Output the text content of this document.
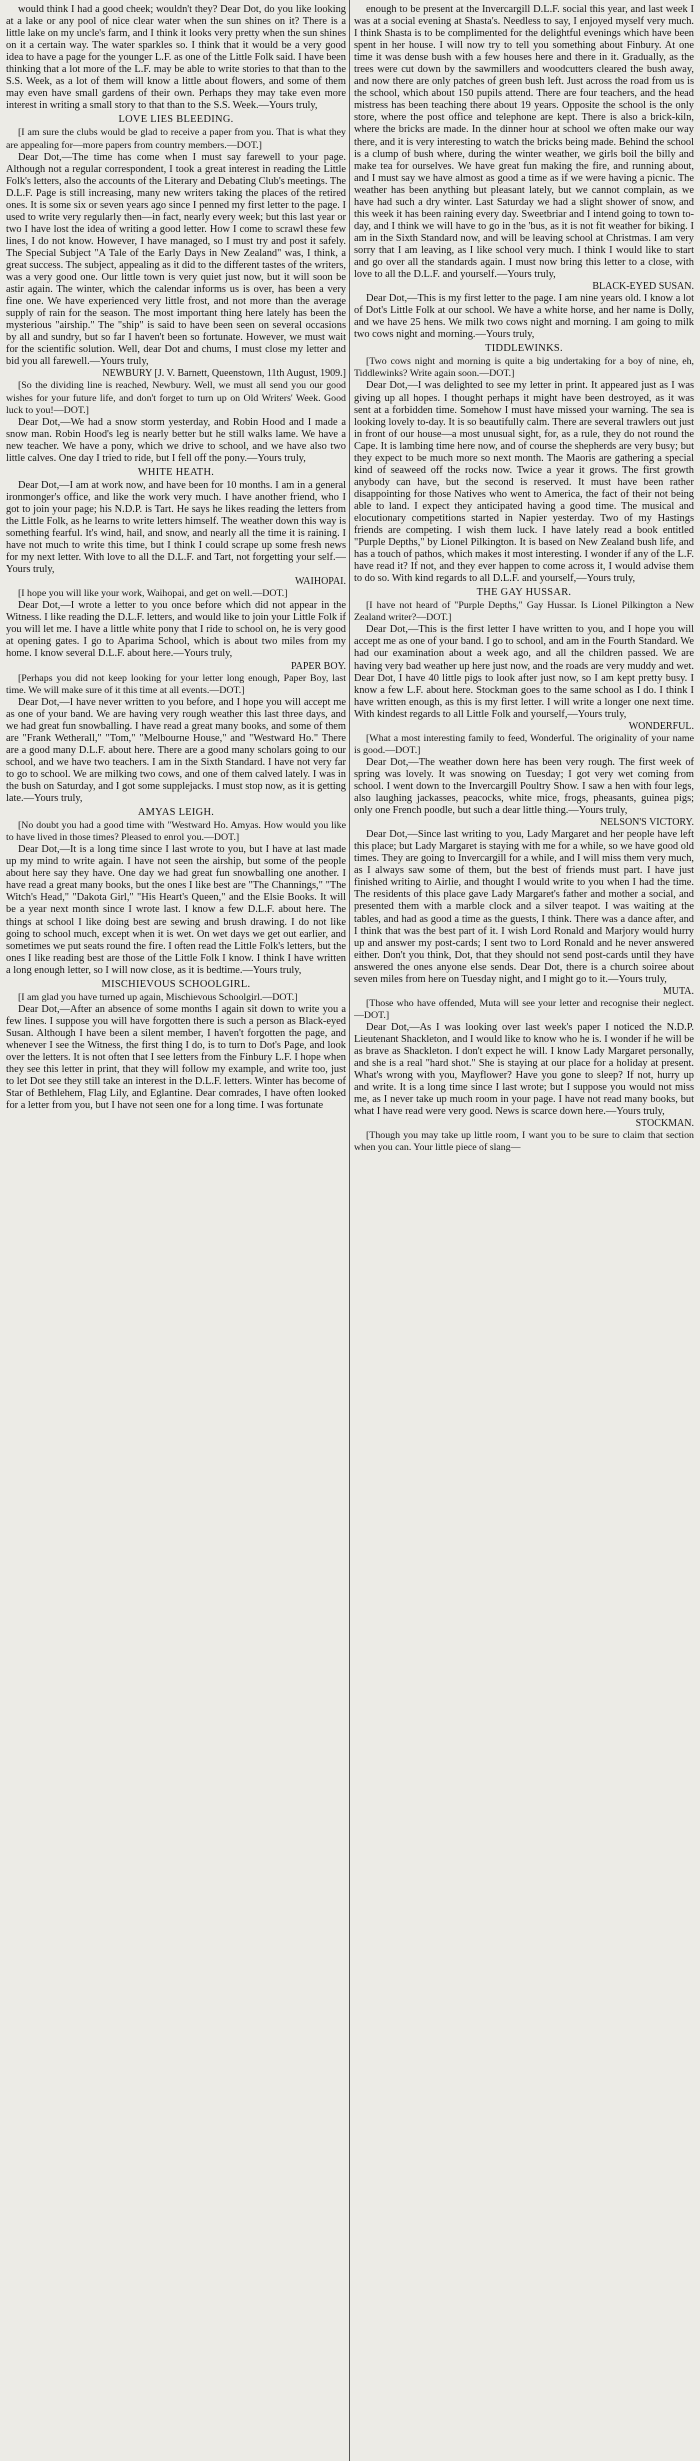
would think I had a good cheek; wouldn't they? Dear Dot, do you like looking at a lake or any pool of nice clear water when the sun shines on it? There is a little lake on my uncle's farm, and I think it looks very pretty when the sun shines on it a certain way. The water sparkles so. I think that it would be a very good idea to have a page for the younger L.F. as one of the Little Folk said. I have been thinking that a lot more of the L.F. may be able to write stories to that than to the S.S. Week, as a lot of them will know a little about flowers, and some of them may even have small gardens of their own. Perhaps they may take even more interest in writing a small story to that than to the S.S. Week.—Yours truly,

LOVE LIES BLEEDING.

[I am sure the clubs would be glad to receive a paper from you. That is what they are appealing for—more papers from country members.—DOT.]

Dear Dot,—The time has come when I must say farewell to your page. Although not a regular correspondent, I took a great interest in reading the Little Folk's letters, also the accounts of the Literary and Debating Club's meetings. The D.L.F. Page is still increasing, many new writers taking the places of the retired ones. It is some six or seven years ago since I penned my first letter to the page. I used to write very regularly then—in fact, nearly every week; but this last year or two I have lost the idea of writing a good letter. How I come to scrawl these few lines, I do not know. However, I have managed, so I must try and post it safely. The Special Subject "A Tale of the Early Days in New Zealand" was, I think, a great success. The subject, appealing as it did to the different tastes of the writers, was a very good one. Our little town is very quiet just now, but it will soon be astir again. The winter, which the calendar informs us is over, has been a very fine one. We have experienced very little frost, and not more than the average supply of rain for the season. The most important thing here lately has been the mysterious "airship." The "ship" is said to have been seen on several occasions by all and sundry, but so far I haven't been so fortunate. However, we must wait for the scientific solution. Well, dear Dot and chums, I must close my letter and bid you all farewell.—Yours truly,

NEWBURY [J. V. Barnett, Queenstown, 11th August, 1909.]

[So the dividing line is reached, Newbury. Well, we must all send you our good wishes for your future life, and don't forget to turn up on Old Writers' Week. Good luck to you!—DOT.]

Dear Dot,—We had a snow storm yesterday, and Robin Hood and I made a snow man. Robin Hood's leg is nearly better but he still walks lame. We have a new teacher. We have a pony, which we drive to school, and we have also two little calves. One day I tried to ride, but I fell off the pony.—Yours truly,

WHITE HEATH.

Dear Dot,—I am at work now, and have been for 10 months. I am in a general ironmonger's office, and like the work very much. I have another friend, who I got to join your page; his N.D.P. is Tart. He says he likes reading the letters from the Little Folk, as he learns to write letters himself. The weather down this way is something fearful. It's wind, hail, and snow, and nearly all the time it is raining. I have not much to write this time, but I think I could scrape up some fresh news for my next letter. With love to all the D.L.F. and Tart, not forgetting your self.—Yours truly,

WAIHOPAI.

[I hope you will like your work, Waihopai, and get on well.—DOT.]

Dear Dot,—I wrote a letter to you once before which did not appear in the Witness. I like reading the D.L.F. letters, and would like to join your Little Folk if you will let me. I have a little white pony that I ride to school on, he is very good at opening gates. I go to Aparima School, which is about two miles from my home. I know several D.L.F. about here.—Yours truly,

PAPER BOY.

[Perhaps you did not keep looking for your letter long enough, Paper Boy, last time. We will make sure of it this time at all events.—DOT.]

Dear Dot,—I have never written to you before, and I hope you will accept me as one of your band. We are having very rough weather this last three days, and we had great fun snowballing. I have read a great many books, and some of them are "Frank Wetherall," "Tom," "Melbourne House," and "Westward Ho." There are a good many D.L.F. about here. There are a good many scholars going to our school, and we have two teachers. I am in the Sixth Standard. I have not very far to go to school. We are milking two cows, and one of them calved lately. I was in the bush on Saturday, and I got some supplejacks. I must stop now, as it is getting late.—Yours truly,

AMYAS LEIGH.

[No doubt you had a good time with "Westward Ho. Amyas. How would you like to have lived in those times? Pleased to enrol you.—DOT.]

Dear Dot,—It is a long time since I last wrote to you, but I have at last made up my mind to write again. I have not seen the airship, but some of the people about here say they have. One day we had great fun snowballing one another. I have read a great many books, but the ones I like best are "The Channings," "The Witch's Head," "Dakota Girl," "His Heart's Queen," and the Elsie Books. It will be a year next month since I wrote last. I know a few D.L.F. about here. The things at school I like doing best are sewing and brush drawing. I do not like going to school much, except when it is wet. On wet days we get out earlier, and sometimes we put seats round the fire. I often read the Little Folk's letters, but the ones I like reading best are those of the Little Folk I know. I think I have written a long enough letter, so I will now close, as it is bedtime.—Yours truly,

MISCHIEVOUS SCHOOLGIRL.

[I am glad you have turned up again, Mischievous Schoolgirl.—DOT.]

Dear Dot,—After an absence of some months I again sit down to write you a few lines. I suppose you will have forgotten there is such a person as Black-eyed Susan. Although I have been a silent member, I haven't forgotten the page, and whenever I see the Witness, the first thing I do, is to turn to Dot's Page, and look over the letters. It is not often that I see letters from the Finbury L.F. I hope when they see this letter in print, that they will follow my example, and write too, just to let Dot see they still take an interest in the D.L.F. letters. Winter has become of Star of Bethlehem, Flag Lily, and Eglantine. Dear comrades, I have often looked for a letter from you, but I have not seen one for a long time. I was fortunate

enough to be present at the Invercargill D.L.F. social this year, and last week I was at a social evening at Shasta's. Needless to say, I enjoyed myself very much. I think Shasta is to be complimented for the delightful evenings which have been spent in her house. I will now try to tell you something about Finbury. At one time it was dense bush with a few houses here and there in it. Gradually, as the trees were cut down by the sawmillers and woodcutters cleared the bush away, and now there are only patches of green bush left. Just across the road from us is the school, which about 150 pupils attend. There are four teachers, and the head mistress has been teaching there about 19 years. Opposite the school is the only store, where the post office and telephone are kept. There is also a brick-kiln, where the bricks are made. In the dinner hour at school we often make our way there, and it is very interesting to watch the bricks being made. Behind the school is a clump of bush where, during the winter weather, we girls boil the billy and make tea for ourselves. We have great fun making the fire, and running about, and I must say we have almost as good a time as if we were having a picnic. The weather has been anything but pleasant lately, but we cannot complain, as we have had such a dry winter. Last Saturday we had a slight shower of snow, and this week it has been raining every day. Sweetbriar and I intend going to town to-day, and I think we will have to go in the 'bus, as it is not fit weather for biking. I am in the Sixth Standard now, and will be leaving school at Christmas. I am very sorry that I am leaving, as I like school very much. I think I would like to start and go over all the standards again. I must now bring this letter to a close, with love to all the D.L.F. and yourself.—Yours truly,

BLACK-EYED SUSAN.

Dear Dot,—This is my first letter to the page. I am nine years old. I know a lot of Dot's Little Folk at our school. We have a white horse, and her name is Dolly, and we have 25 hens. We milk two cows night and morning. I am going to milk two cows night and morning.—Yours truly,

TIDDLEWINKS.

[Two cows night and morning is quite a big undertaking for a boy of nine, eh, Tiddlewinks? Write again soon.—DOT.]

Dear Dot,—I was delighted to see my letter in print. It appeared just as I was giving up all hopes. I thought perhaps it might have been destroyed, as it was sent at a forbidden time. Somehow I must have missed your warning. The sea is looking lovely to-day. It is so beautifully calm. There are several trawlers out just in front of our house—a most unusual sight, for, as a rule, they do not round the Cape. It is lambing time here now, and of course the shepherds are very busy; but they expect to be much more so next month. The Maoris are gathering a special kind of seaweed off the rocks now. Twice a year it grows. The first growth anybody can have, but the second is reserved. It must have been rather disappointing for those Natives who went to America, the fact of their not being able to land. I expect they anticipated having a good time. The musical and elocutionary competitions started in Napier yesterday. Two of my Hastings friends are competing. I wish them luck. I have lately read a book entitled "Purple Depths," by Lionel Pilkington. It is based on New Zealand bush life, and has a touch of pathos, which makes it most interesting. I wonder if any of the L.F. have read it? If not, and they ever happen to come across it, I would advise them to do so. With kind regards to all D.L.F. and yourself,—Yours truly,

THE GAY HUSSAR.

[I have not heard of "Purple Depths," Gay Hussar. Is Lionel Pilkington a New Zealand writer?—DOT.]

Dear Dot,—This is the first letter I have written to you, and I hope you will accept me as one of your band. I go to school, and am in the Fourth Standard. We had our examination about a week ago, and all the children passed. We are having very bad weather up here just now, and the roads are very muddy and wet. Dear Dot, I have 40 little pigs to look after just now, so I am kept pretty busy. I know a few L.F. about here. Stockman goes to the same school as I do. I think I have written enough, as this is my first letter. I will write a longer one next time. With kindest regards to all Little Folk and yourself,—Yours truly,

WONDERFUL.

[What a most interesting family to feed, Wonderful. The originality of your name is good.—DOT.]

Dear Dot,—The weather down here has been very rough. The first week of spring was lovely. It was snowing on Tuesday; I got very wet coming from school. I went down to the Invercargill Poultry Show. I saw a hen with four legs, also laughing jackasses, peacocks, white mice, frogs, pheasants, guinea pigs; only one French poodle, but such a dear little thing.—Yours truly,

NELSON'S VICTORY.

Dear Dot,—Since last writing to you, Lady Margaret and her people have left this place; but Lady Margaret is staying with me for a while, so we have good old times. They are going to Invercargill for a while, and I will miss them very much, as I always saw some of them, but the best of friends must part. I have just finished writing to Airlie, and thought I would write to you when I had the time. The residents of this place gave Lady Margaret's father and mother a social, and presented them with a marble clock and a silver teapot. I was waiting at the tables, and had as good a time as the guests, I think. There was a dance after, and I think that was the best part of it. I wish Lord Ronald and Marjory would hurry up and answer my post-cards; I sent two to Lord Ronald and he never answered either. Don't you think, Dot, that they should not send post-cards until they have answered the ones anyone else sends. Dear Dot, there is a church soiree about seven miles from here on Tuesday night, and I might go to it.—Yours truly,

MUTA.

[Those who have offended, Muta will see your letter and recognise their neglect.—DOT.]

Dear Dot,—As I was looking over last week's paper I noticed the N.D.P. Lieutenant Shackleton, and I would like to know who he is. I wonder if he will be as brave as Shackleton. I don't expect he will. I know Lady Margaret personally, and she is a real "hard shot." She is staying at our place for a holiday at present. What's wrong with you, Mayflower? Have you gone to sleep? If not, hurry up and write. It is a long time since I last wrote; but I suppose you would not miss me, as I never take up much room in your page. I have not read many books, but what I have read were very good. News is scarce down here.—Yours truly,

STOCKMAN.

[Though you may take up little room, I want you to be sure to claim that section when you can. Your little piece of slang—
